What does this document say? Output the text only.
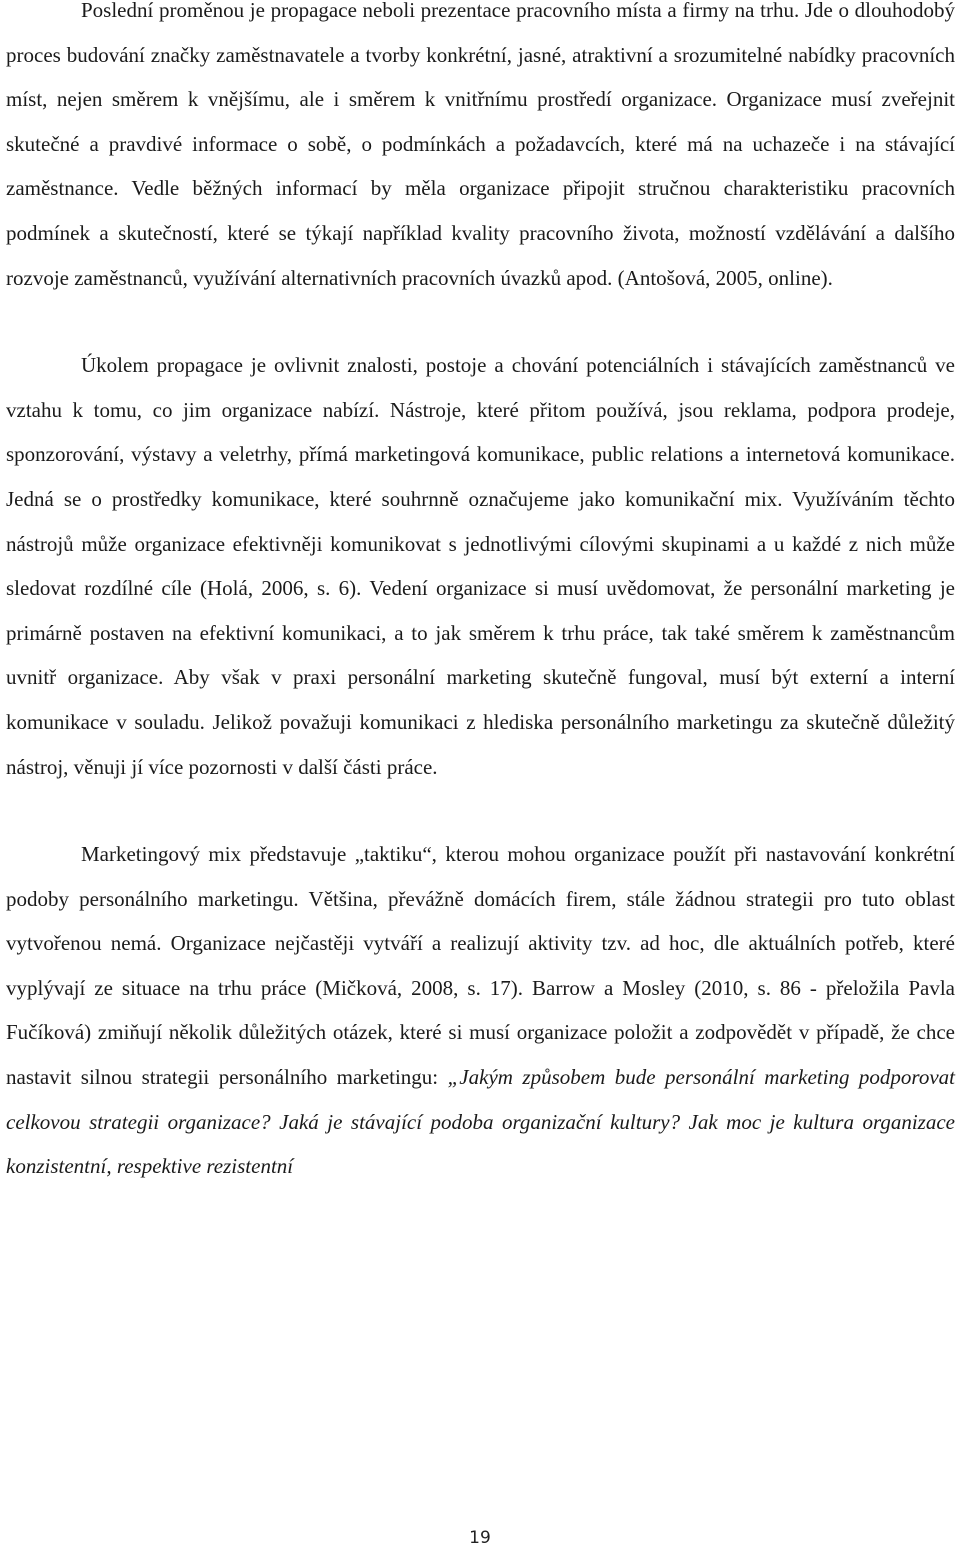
Poslední proměnou je propagace neboli prezentace pracovního místa a firmy na trhu. Jde o dlouhodobý proces budování značky zaměstnavatele a tvorby konkrétní, jasné, atraktivní a srozumitelné nabídky pracovních míst, nejen směrem k vnějšímu, ale i směrem k vnitřnímu prostředí organizace. Organizace musí zveřejnit skutečné a pravdivé informace o sobě, o podmínkách a požadavcích, které má na uchazeče i na stávající zaměstnance. Vedle běžných informací by měla organizace připojit stručnou charakteristiku pracovních podmínek a skutečností, které se týkají například kvality pracovního života, možností vzdělávání a dalšího rozvoje zaměstnanců, využívání alternativních pracovních úvazků apod. (Antošová, 2005, online).

Úkolem propagace je ovlivnit znalosti, postoje a chování potenciálních i stávajících zaměstnanců ve vztahu k tomu, co jim organizace nabízí. Nástroje, které přitom používá, jsou reklama, podpora prodeje, sponzorování, výstavy a veletrhy, přímá marketingová komunikace, public relations a internetová komunikace. Jedná se o prostředky komunikace, které souhrnně označujeme jako komunikační mix. Využíváním těchto nástrojů může organizace efektivněji komunikovat s jednotlivými cílovými skupinami a u každé z nich může sledovat rozdílné cíle (Holá, 2006, s. 6). Vedení organizace si musí uvědomovat, že personální marketing je primárně postaven na efektivní komunikaci, a to jak směrem k trhu práce, tak také směrem k zaměstnancům uvnitř organizace. Aby však v praxi personální marketing skutečně fungoval, musí být externí a interní komunikace v souladu. Jelikož považuji komunikaci z hlediska personálního marketingu za skutečně důležitý nástroj, věnuji jí více pozornosti v další části práce.

Marketingový mix představuje „taktiku“, kterou mohou organizace použít při nastavování konkrétní podoby personálního marketingu. Většina, převážně domácích firem, stále žádnou strategii pro tuto oblast vytvořenou nemá. Organizace nejčastěji vytváří a realizují aktivity tzv. ad hoc, dle aktuálních potřeb, které vyplývají ze situace na trhu práce (Mičková, 2008, s. 17). Barrow a Mosley (2010, s. 86 - přeložila Pavla Fučíková) zmiňují několik důležitých otázek, které si musí organizace položit a zodpovědět v případě, že chce nastavit silnou strategii personálního marketingu: „Jakým způsobem bude personální marketing podporovat celkovou strategii organizace? Jaká je stávající podoba organizační kultury? Jak moc je kultura organizace konzistentní, respektive rezistentní

19
